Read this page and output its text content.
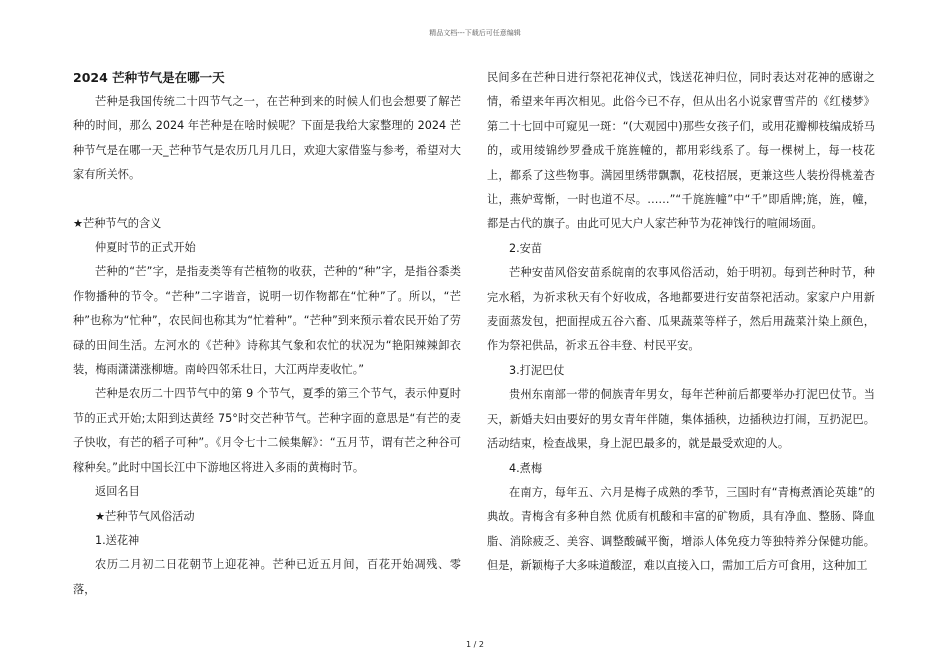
精品文档---下载后可任意编辑

2024 芒种节气是在哪一天

芒种是我国传统二十四节气之一，在芒种到来的时候人们也会想要了解芒种的时间，那么 2024 年芒种是在啥时候呢？下面是我给大家整理的 2024 芒种节气是在哪一天_芒种节气是农历几月几日，欢迎大家借鉴与参考，希望对大家有所关怀。

★芒种节气的含义

仲夏时节的正式开始

芒种的“芒”字，是指麦类等有芒植物的收获，芒种的“种”字，是指谷黍类作物播种的节令。“芒种”二字谐音，说明一切作物都在“忙种”了。所以，“芒种”也称为“忙种”，农民间也称其为“忙着种”。“芒种”到来预示着农民开始了劳碌的田间生活。左河水的《芒种》诗称其气象和农忙的状况为“艳阳辣辣卸衣装，梅雨潇潇涨柳塘。南岭四邻禾壮日，大江两岸麦收忙。”

芒种是农历二十四节气中的第 9 个节气，夏季的第三个节气，表示仲夏时节的正式开始;太阳到达黄经 75°时交芒种节气。芒种字面的意思是“有芒的麦子快收，有芒的稻子可种”。《月令七十二候集解》：“五月节，谓有芒之种谷可稼种矣。”此时中国长江中下游地区将进入多雨的黄梅时节。

返回名目

★芒种节气风俗活动

1.送花神

农历二月初二日花朝节上迎花神。芒种已近五月间，百花开始凋残、零落，

民间多在芒种日进行祭祀花神仪式，饯送花神归位，同时表达对花神的感谢之情，希望来年再次相见。此俗今已不存，但从出名小说家曹雪芹的《红楼梦》第二十七回中可窥见一斑：“(大观园中)那些女孩子们，或用花瓣柳枝编成轿马的，或用绫锦纱罗叠成千旄旌幢的，都用彩线系了。每一棵树上，每一枝花上，都系了这些物事。满园里绣带飘飘，花枝招展，更兼这些人装扮得桃羞杏让，燕妒莺惭，一时也道不尽。……”“千旄旌幢”中“千”即盾牌;旄，旌，幢，都是古代的旗子。由此可见大户人家芒种节为花神饯行的喧闹场面。

2.安苗

芒种安苗风俗安苗系皖南的农事风俗活动，始于明初。每到芒种时节，种完水稻，为祈求秋天有个好收成，各地都要进行安苗祭祀活动。家家户户用新麦面蒸发包，把面捏成五谷六畜、瓜果蔬菜等样子，然后用蔬菜汁染上颜色，作为祭祀供品，祈求五谷丰登、村民平安。

3.打泥巴仗

贵州东南部一带的侗族青年男女，每年芒种前后都要举办打泥巴仗节。当天，新婚夫妇由要好的男女青年伴随，集体插秧，边插秧边打闹，互扔泥巴。活动结束，检查战果，身上泥巴最多的，就是最受欢迎的人。

4.煮梅

在南方，每年五、六月是梅子成熟的季节，三国时有“青梅煮酒论英雄”的典故。青梅含有多种自然 优质有机酸和丰富的矿物质，具有净血、整肠、降血脂、消除疲乏、美容、调整酸碱平衡，增添人体免疫力等独特养分保健功能。但是，新颖梅子大多味道酸涩，难以直接入口，需加工后方可食用，这种加工

1 / 2
